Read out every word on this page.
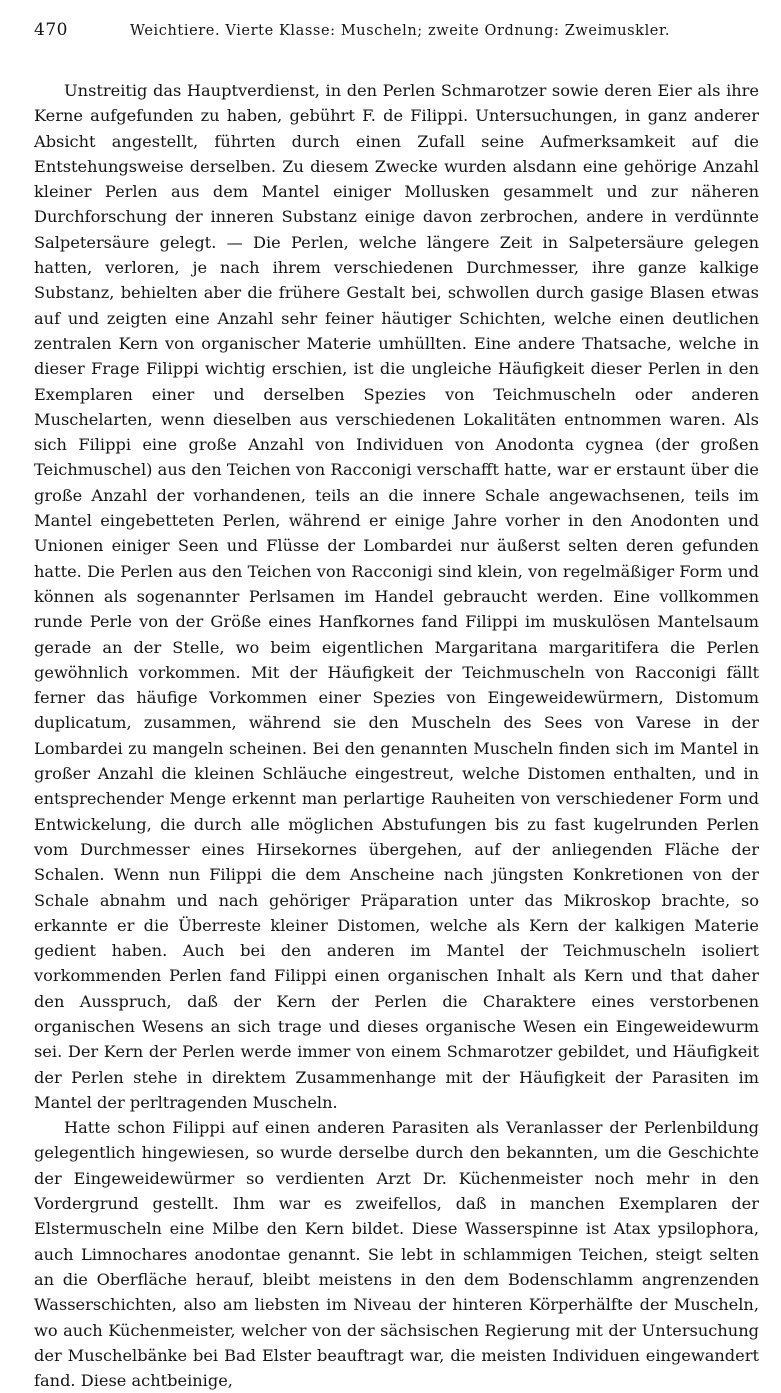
470	Weichtiere. Vierte Klasse: Muscheln; zweite Ordnung: Zweimuskler.

Unstreitig das Hauptverdienst, in den Perlen Schmarotzer sowie deren Eier als ihre Kerne aufgefunden zu haben, gebührt F. de Filippi. Untersuchungen, in ganz anderer Absicht angestellt, führten durch einen Zufall seine Aufmerksamkeit auf die Entstehungsweise derselben. Zu diesem Zwecke wurden alsdann eine gehörige Anzahl kleiner Perlen aus dem Mantel einiger Mollusken gesammelt und zur näheren Durchforschung der inneren Substanz einige davon zerbrochen, andere in verdünnte Salpetersäure gelegt. — Die Perlen, welche längere Zeit in Salpetersäure gelegen hatten, verloren, je nach ihrem verschiedenen Durchmesser, ihre ganze kalkige Substanz, behielten aber die frühere Gestalt bei, schwollen durch gasige Blasen etwas auf und zeigten eine Anzahl sehr feiner häutiger Schichten, welche einen deutlichen zentralen Kern von organischer Materie umhüllten. Eine andere Thatsache, welche in dieser Frage Filippi wichtig erschien, ist die ungleiche Häufigkeit dieser Perlen in den Exemplaren einer und derselben Spezies von Teichmuscheln oder anderen Muschelarten, wenn dieselben aus verschiedenen Lokalitäten entnommen waren. Als sich Filippi eine große Anzahl von Individuen von Anodonta cygnea (der großen Teichmuschel) aus den Teichen von Racconigi verschafft hatte, war er erstaunt über die große Anzahl der vorhandenen, teils an die innere Schale angewachsenen, teils im Mantel eingebetteten Perlen, während er einige Jahre vorher in den Anodonten und Unionen einiger Seen und Flüsse der Lombardei nur äußerst selten deren gefunden hatte. Die Perlen aus den Teichen von Racconigi sind klein, von regelmäßiger Form und können als sogenannter Perlsamen im Handel gebraucht werden. Eine vollkommen runde Perle von der Größe eines Hanfkornes fand Filippi im muskulösen Mantelsaum gerade an der Stelle, wo beim eigentlichen Margaritana margaritifera die Perlen gewöhnlich vorkommen. Mit der Häufigkeit der Teichmuscheln von Racconigi fällt ferner das häufige Vorkommen einer Spezies von Eingeweidewürmern, Distomum duplicatum, zusammen, während sie den Muscheln des Sees von Varese in der Lombardei zu mangeln scheinen. Bei den genannten Muscheln finden sich im Mantel in großer Anzahl die kleinen Schläuche eingestreut, welche Distomen enthalten, und in entsprechender Menge erkennt man perlartige Rauheiten von verschiedener Form und Entwickelung, die durch alle möglichen Abstufungen bis zu fast kugelrunden Perlen vom Durchmesser eines Hirsekornes übergehen, auf der anliegenden Fläche der Schalen. Wenn nun Filippi die dem Anscheine nach jüngsten Konkretionen von der Schale abnahm und nach gehöriger Präparation unter das Mikroskop brachte, so erkannte er die Überreste kleiner Distomen, welche als Kern der kalkigen Materie gedient haben. Auch bei den anderen im Mantel der Teichmuscheln isoliert vorkommenden Perlen fand Filippi einen organischen Inhalt als Kern und that daher den Ausspruch, daß der Kern der Perlen die Charaktere eines verstorbenen organischen Wesens an sich trage und dieses organische Wesen ein Eingeweidewurm sei. Der Kern der Perlen werde immer von einem Schmarotzer gebildet, und Häufigkeit der Perlen stehe in direktem Zusammenhange mit der Häufigkeit der Parasiten im Mantel der perltragenden Muscheln.

Hatte schon Filippi auf einen anderen Parasiten als Veranlasser der Perlenbildung gelegentlich hingewiesen, so wurde derselbe durch den bekannten, um die Geschichte der Eingeweidewürmer so verdienten Arzt Dr. Küchenmeister noch mehr in den Vordergrund gestellt. Ihm war es zweifellos, daß in manchen Exemplaren der Elstermuscheln eine Milbe den Kern bildet. Diese Wasserspinne ist Atax ypsilophora, auch Limnochares anodontae genannt. Sie lebt in schlammigen Teichen, steigt selten an die Oberfläche herauf, bleibt meistens in den dem Bodenschlamm angrenzenden Wasserschichten, also am liebsten im Niveau der hinteren Körperhälfte der Muscheln, wo auch Küchenmeister, welcher von der sächsischen Regierung mit der Untersuchung der Muschelbänke bei Bad Elster beauftragt war, die meisten Individuen eingewandert fand. Diese achtbeinige,
